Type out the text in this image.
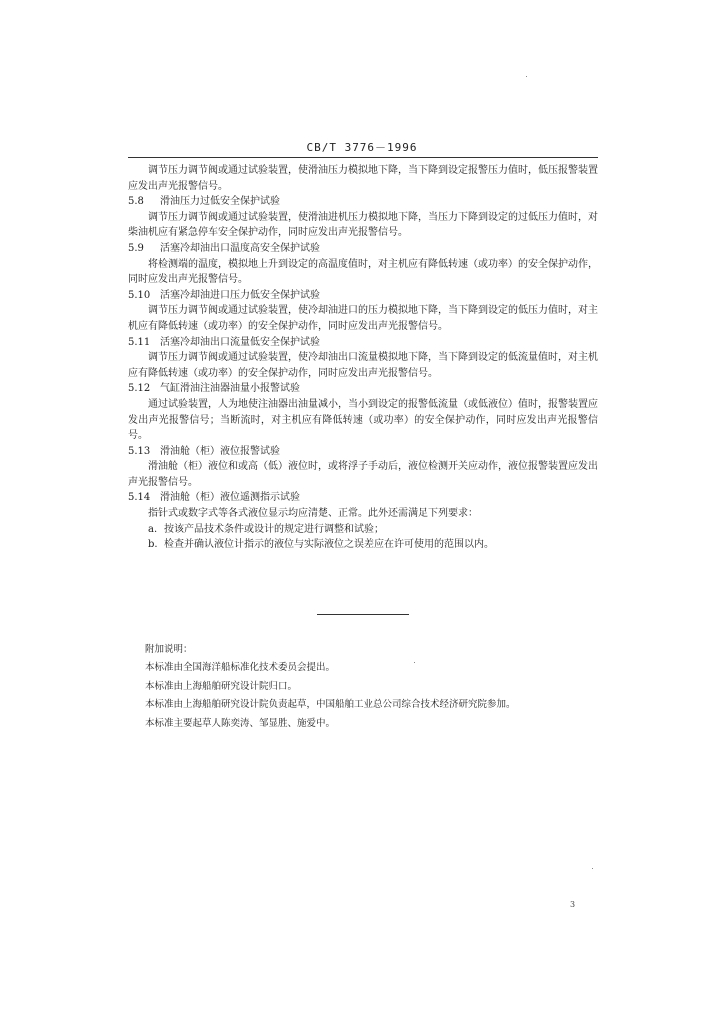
CB/T 3776－1996

调节压力调节阀或通过试验装置，使滑油压力模拟地下降，当下降到设定报警压力值时，低压报警装置应发出声光报警信号。

5.8 滑油压力过低安全保护试验

调节压力调节阀或通过试验装置，使滑油进机压力模拟地下降，当压力下降到设定的过低压力值时，对柴油机应有紧急停车安全保护动作，同时应发出声光报警信号。

5.9 活塞冷却油出口温度高安全保护试验

将检测端的温度，模拟地上升到设定的高温度值时，对主机应有降低转速（或功率）的安全保护动作，同时应发出声光报警信号。

5.10 活塞冷却油进口压力低安全保护试验

调节压力调节阀或通过试验装置，使冷却油进口的压力模拟地下降，当下降到设定的低压力值时，对主机应有降低转速（或功率）的安全保护动作，同时应发出声光报警信号。

5.11 活塞冷却油出口流量低安全保护试验

调节压力调节阀或通过试验装置，使冷却油出口流量模拟地下降，当下降到设定的低流量值时，对主机应有降低转速（或功率）的安全保护动作，同时应发出声光报警信号。

5.12 气缸滑油注油器油量小报警试验

通过试验装置，人为地使注油器出油量减小，当小到设定的报警低流量（或低液位）值时，报警装置应发出声光报警信号；当断流时，对主机应有降低转速（或功率）的安全保护动作，同时应发出声光报警信号。

5.13 滑油舱（柜）液位报警试验

滑油舱（柜）液位和或高（低）液位时，或将浮子手动后，液位检测开关应动作，液位报警装置应发出声光报警信号。

5.14 滑油舱（柜）液位遥测指示试验

指针式或数字式等各式液位显示均应清楚、正常。此外还需满足下列要求：

a. 按该产品技术条件或设计的规定进行调整和试验；

b. 检查并确认液位计指示的液位与实际液位之误差应在许可使用的范围以内。

附加说明：

本标准由全国海洋船标准化技术委员会提出。

本标准由上海船舶研究设计院归口。

本标准由上海船舶研究设计院负责起草，中国船舶工业总公司综合技术经济研究院参加。

本标准主要起草人陈奕涛、邹显胜、施爱中。

3
